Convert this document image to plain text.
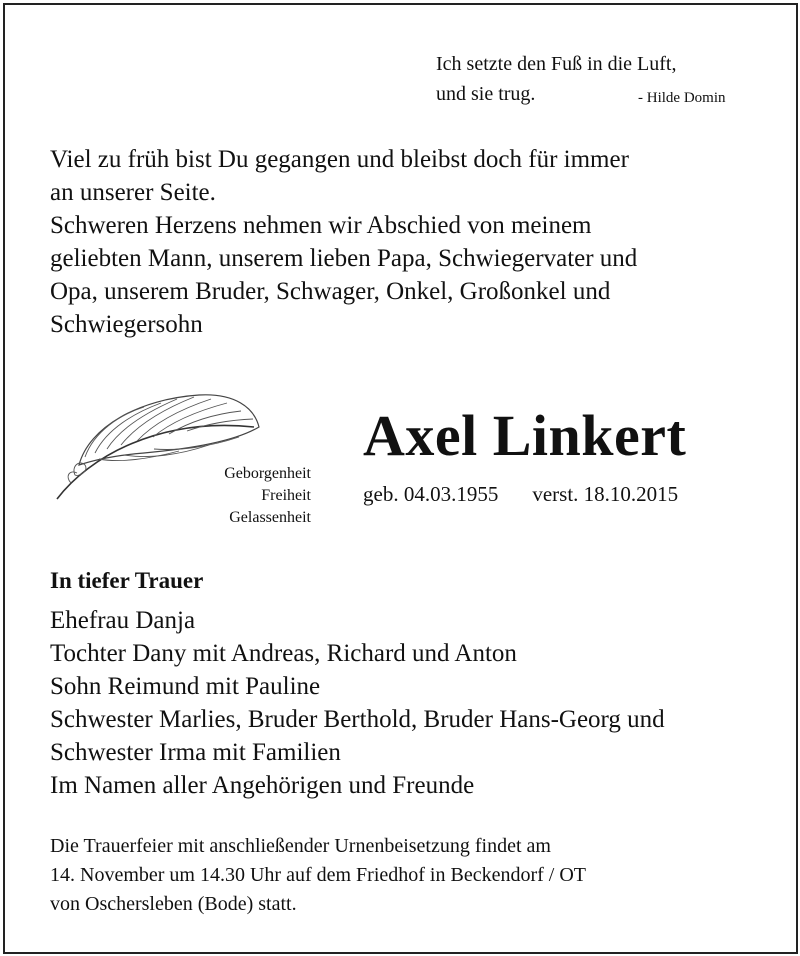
Ich setzte den Fuß in die Luft,
und sie trug.	- Hilde Domin
Viel zu früh bist Du gegangen und bleibst doch für immer
an unserer Seite.
Schweren Herzens nehmen wir Abschied von meinem
geliebten Mann, unserem lieben Papa, Schwiegervater und
Opa, unserem Bruder, Schwager, Onkel, Großonkel und
Schwiegersohn
Geborgenheit
Freiheit
Gelassenheit
Axel Linkert
geb. 04.03.1955 verst. 18.10.2015
In tiefer Trauer
Ehefrau Danja
Tochter Dany mit Andreas, Richard und Anton
Sohn Reimund mit Pauline
Schwester Marlies, Bruder Berthold, Bruder Hans-Georg und
Schwester Irma mit Familien
Im Namen aller Angehörigen und Freunde
Die Trauerfeier mit anschließender Urnenbeisetzung findet am
14. November um 14.30 Uhr auf dem Friedhof in Beckendorf / OT
von Oschersleben (Bode) statt.
